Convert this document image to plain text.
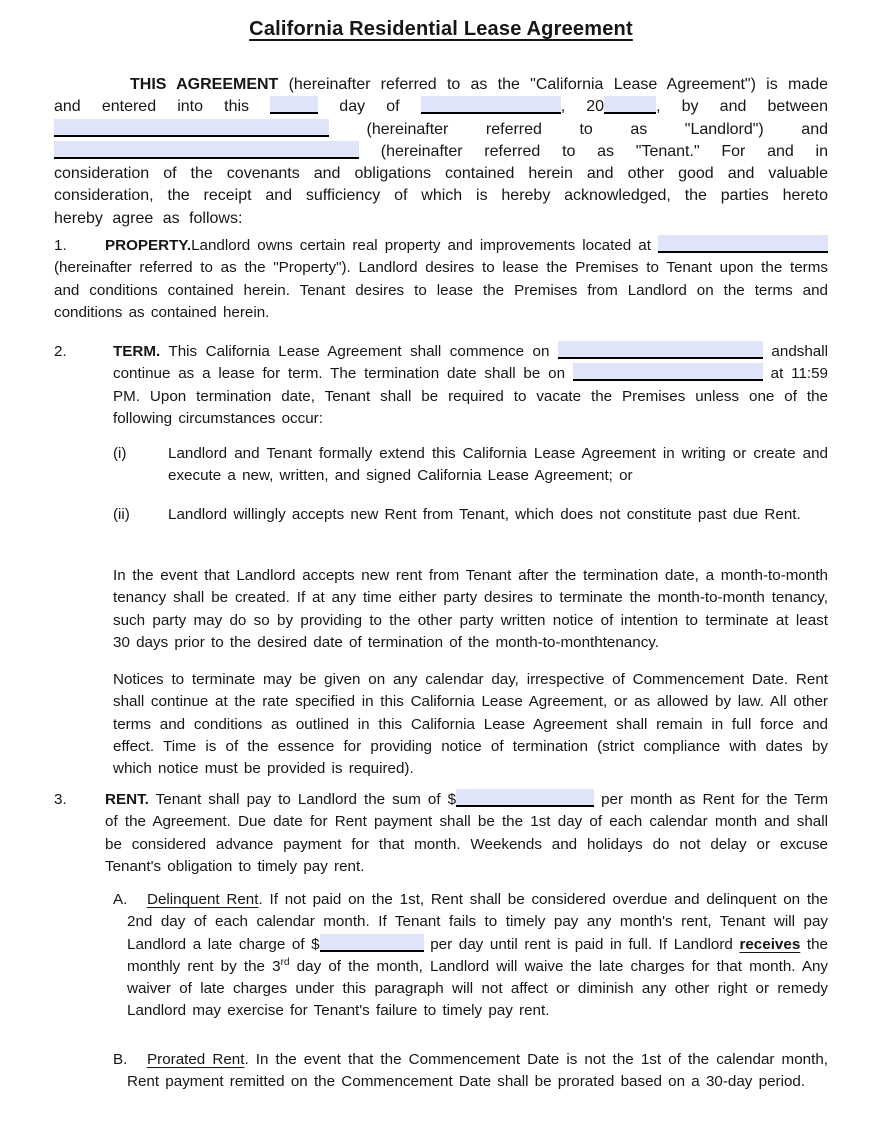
California Residential Lease Agreement

THIS AGREEMENT (hereinafter referred to as the "California Lease Agreement") is made and entered into this	day of	, 20	, by and between  (hereinafter referred to as "Landlord") and  (hereinafter referred to as "Tenant." For and in consideration of the covenants and obligations contained herein and other good and valuable consideration, the receipt and sufficiency of which is hereby acknowledged, the parties hereto hereby agree as follows:

1.	PROPERTY.Landlord owns certain real property and improvements located at  (hereinafter referred to as the "Property"). Landlord desires to lease the Premises to Tenant upon the terms and conditions contained herein. Tenant desires to lease the Premises from Landlord on the terms and conditions as contained herein.

2.	TERM. This California Lease Agreement shall commence on	andshall continue as a lease for term. The termination date shall be on	at 11:59 PM. Upon termination date, Tenant shall be required to vacate the Premises unless one of the following circumstances occur:
(i)	Landlord and Tenant formally extend this California Lease Agreement in writing or create and execute a new, written, and signed California Lease Agreement; or
(ii)	Landlord willingly accepts new Rent from Tenant, which does not constitute past due Rent.

In the event that Landlord accepts new rent from Tenant after the termination date, a month-to-month tenancy shall be created. If at any time either party desires to terminate the month-to-month tenancy, such party may do so by providing to the other party written notice of intention to terminate at least 30 days prior to the desired date of termination of the month-to-monthtenancy.

Notices to terminate may be given on any calendar day, irrespective of Commencement Date. Rent shall continue at the rate specified in this California Lease Agreement, or as allowed by law. All other terms and conditions as outlined in this California Lease Agreement shall remain in full force and effect. Time is of the essence for providing notice of termination (strict compliance with dates by which notice must be provided is required).

3.	RENT. Tenant shall pay to Landlord the sum of $	per month as Rent for the Term of the Agreement. Due date for Rent payment shall be the 1st day of each calendar month and shall be considered advance payment for that month. Weekends and holidays do not delay or excuse Tenant's obligation to timely pay rent.
A. Delinquent Rent. If not paid on the 1st, Rent shall be considered overdue and delinquent on the 2nd day of each calendar month. If Tenant fails to timely pay any month's rent, Tenant will pay Landlord a late charge of $	per day until rent is paid in full. If Landlord receives the monthly rent by the 3rd day of the month, Landlord will waive the late charges for that month. Any waiver of late charges under this paragraph will not affect or diminish any other right or remedy Landlord may exercise for Tenant's failure to timely pay rent.
B. Prorated Rent. In the event that the Commencement Date is not the 1st of the calendar month, Rent payment remitted on the Commencement Date shall be prorated based on a 30-day period.
